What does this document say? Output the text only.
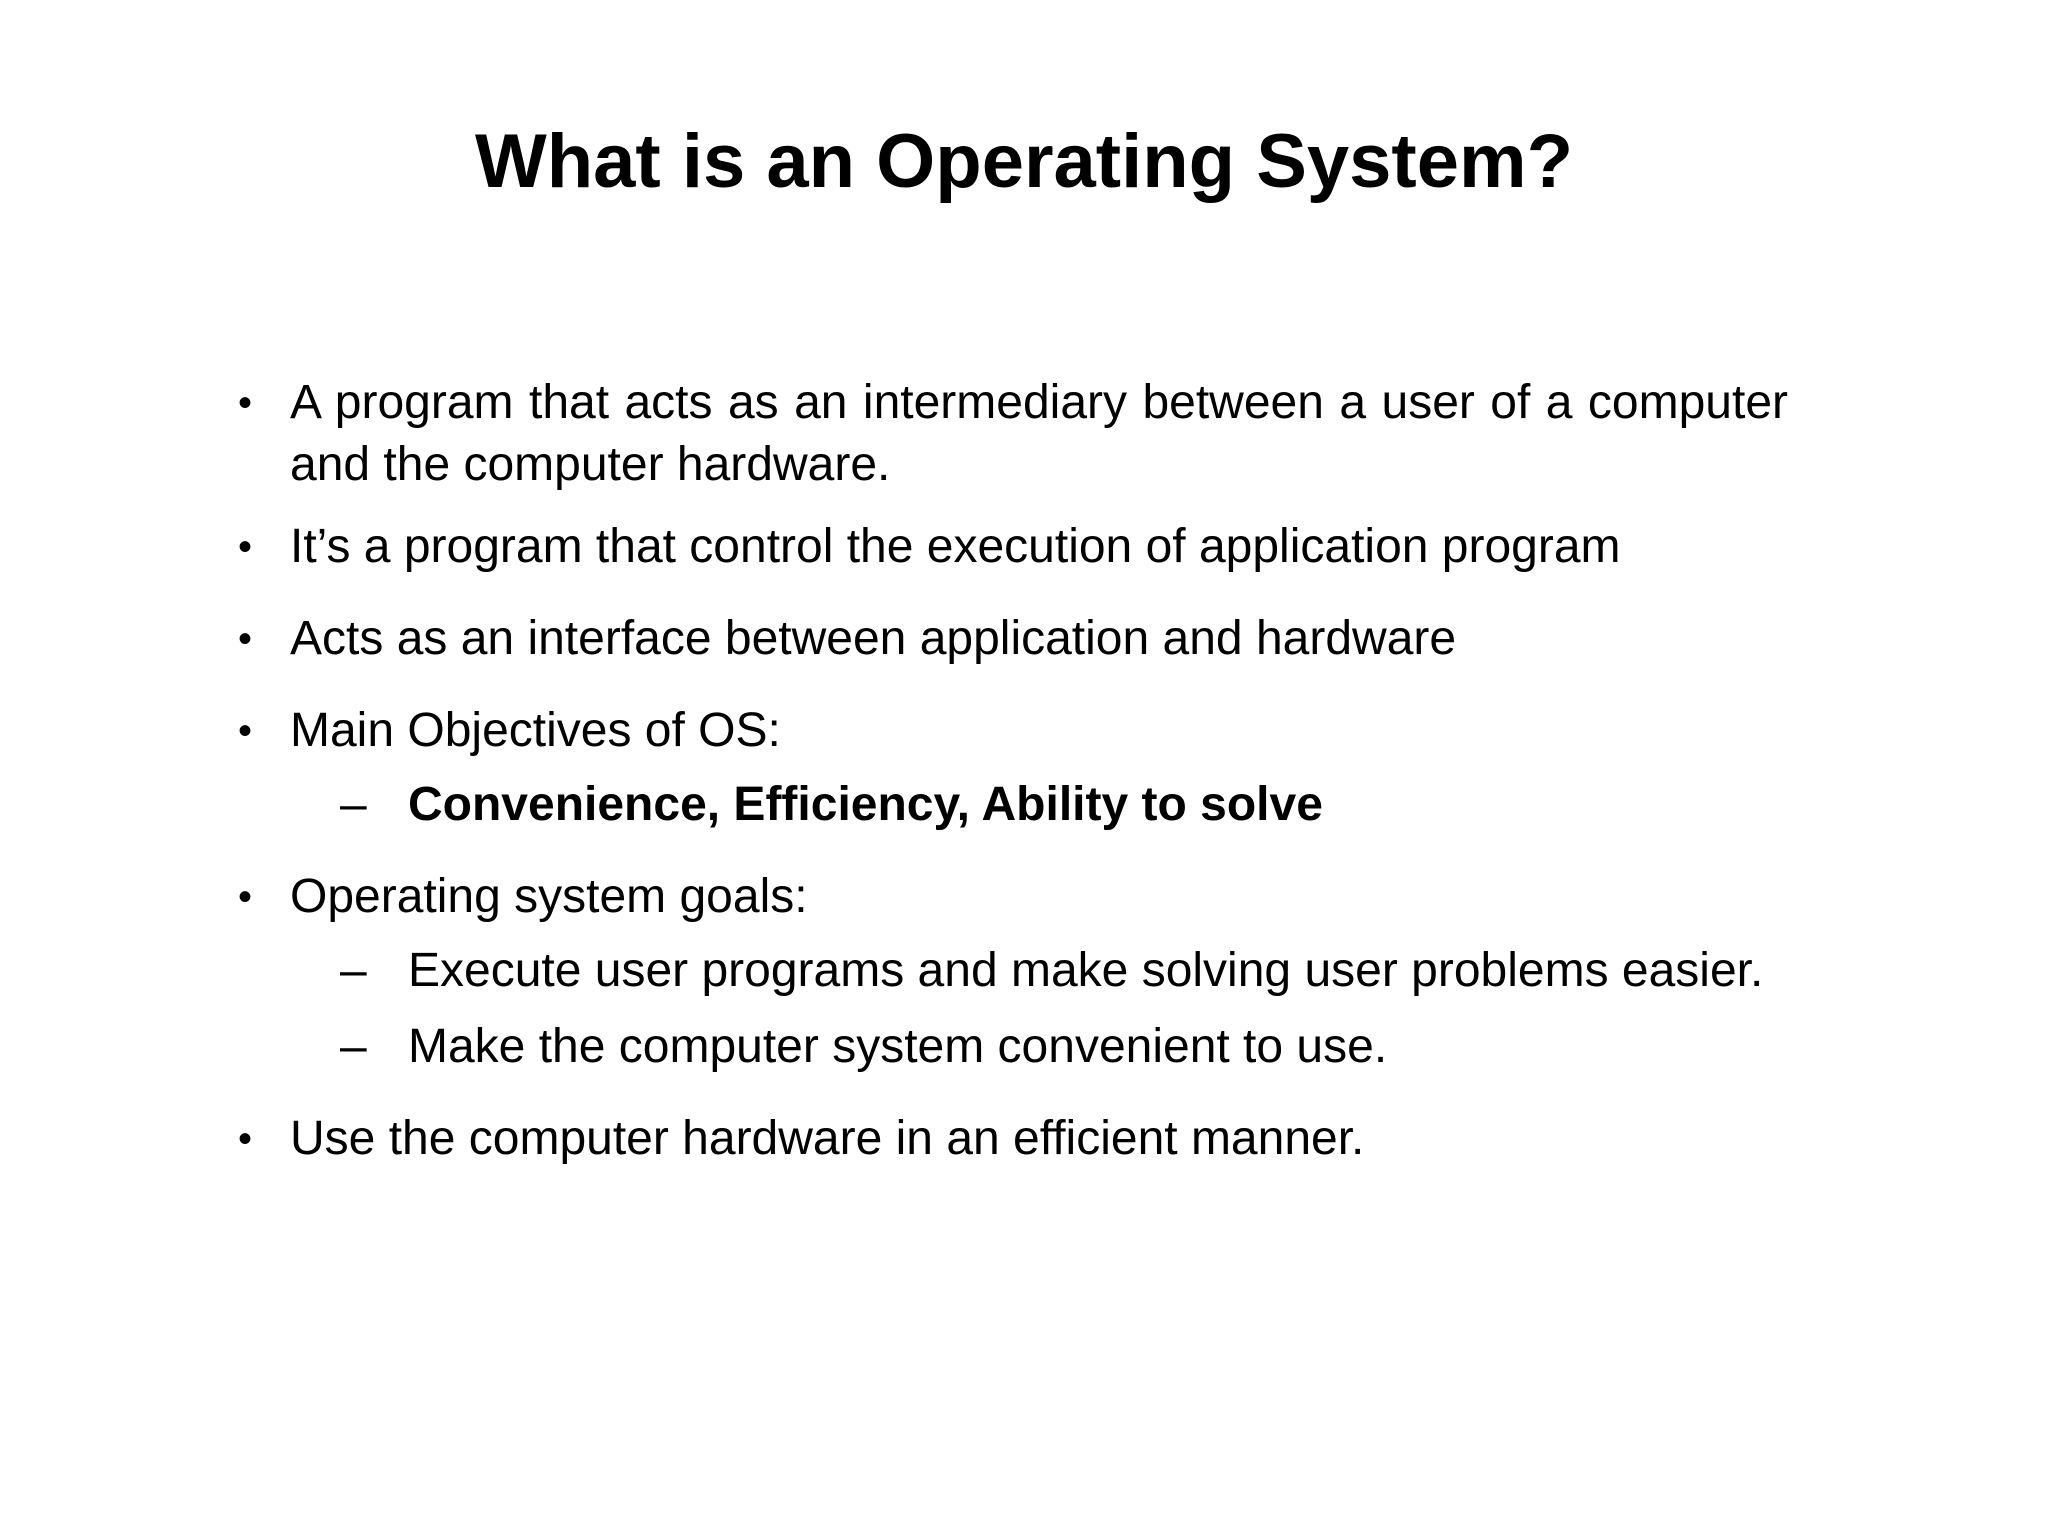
What is an Operating System?
• A program that acts as an intermediary between a user of a computer and the computer hardware.
• It’s a program that control the execution of application program
• Acts as an interface between application and hardware
• Main Objectives of OS:
– Convenience, Efficiency, Ability to solve
• Operating system goals:
– Execute user programs and make solving user problems easier.
– Make the computer system convenient to use.
• Use the computer hardware in an efficient manner.
